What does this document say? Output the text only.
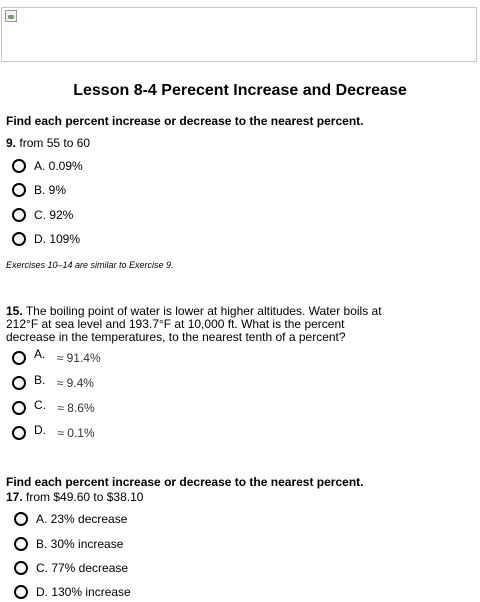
Lesson 8-4 Perecent Increase and Decrease
Find each percent increase or decrease to the nearest percent.
9. from 55 to 60
A. 0.09%
B. 9%
C. 92%
D. 109%
Exercises 10–14 are similar to Exercise 9.
15. The boiling point of water is lower at higher altitudes. Water boils at
212°F at sea level and 193.7°F at 10,000 ft. What is the percent
decrease in the temperatures, to the nearest tenth of a percent?
A. ≈ 91.4%
B. ≈ 9.4%
C. ≈ 8.6%
D. ≈ 0.1%
Find each percent increase or decrease to the nearest percent.
17. from $49.60 to $38.10
A. 23% decrease
B. 30% increase
C. 77% decrease
D. 130% increase
